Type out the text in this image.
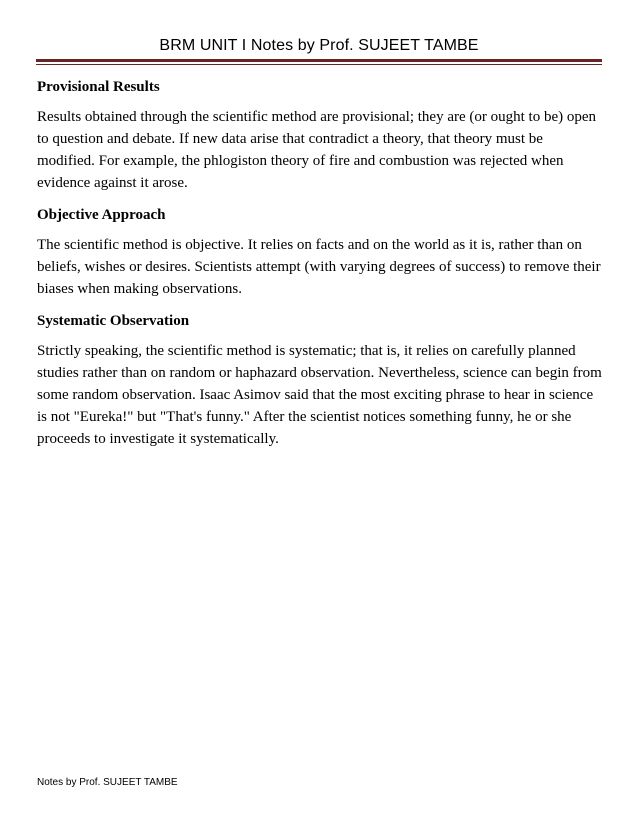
BRM UNIT I Notes by Prof. SUJEET TAMBE
Provisional Results
Results obtained through the scientific method are provisional; they are (or ought to be) open to question and debate. If new data arise that contradict a theory, that theory must be modified. For example, the phlogiston theory of fire and combustion was rejected when evidence against it arose.
Objective Approach
The scientific method is objective. It relies on facts and on the world as it is, rather than on beliefs, wishes or desires. Scientists attempt (with varying degrees of success) to remove their biases when making observations.
Systematic Observation
Strictly speaking, the scientific method is systematic; that is, it relies on carefully planned studies rather than on random or haphazard observation. Nevertheless, science can begin from some random observation. Isaac Asimov said that the most exciting phrase to hear in science is not "Eureka!" but "That's funny." After the scientist notices something funny, he or she proceeds to investigate it systematically.
Notes by Prof. SUJEET TAMBE
